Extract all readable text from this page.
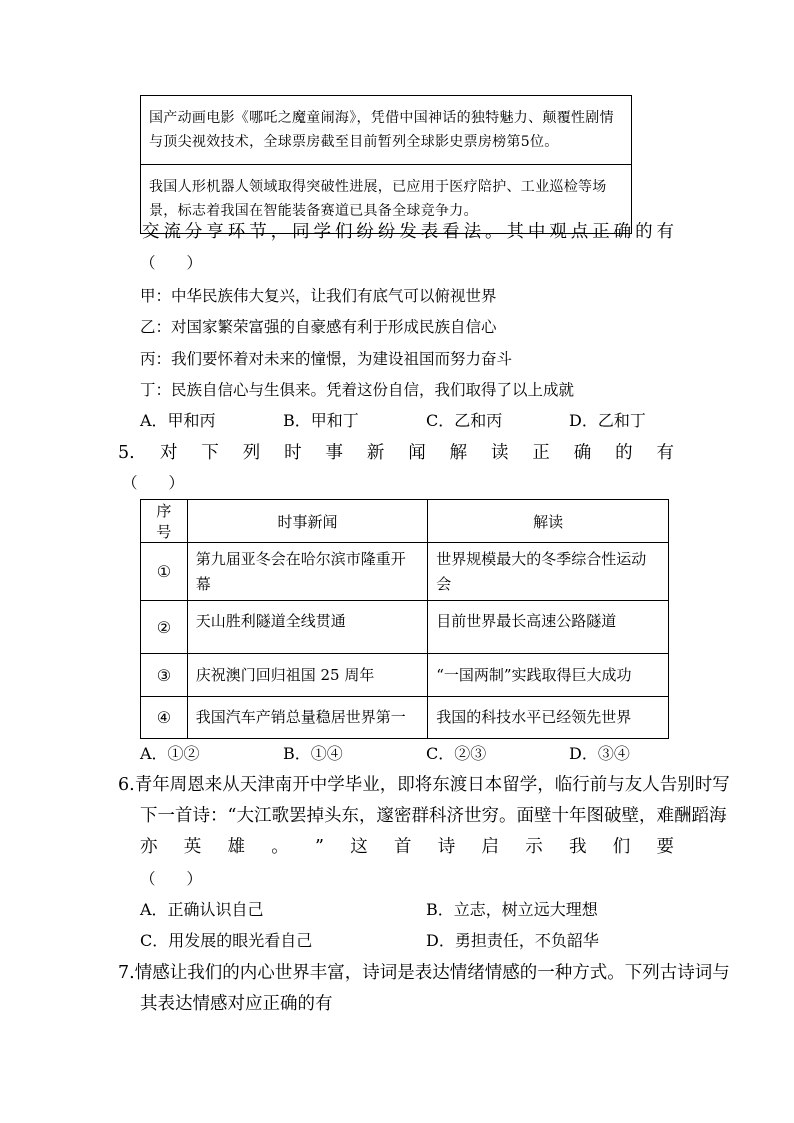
国产动画电影《哪吒之魔童闹海》，凭借中国神话的独特魅力、颠覆性剧情与顶尖视效技术，全球票房截至目前暂列全球影史票房榜第5位。
我国人形机器人领域取得突破性进展，已应用于医疗陪护、工业巡检等场景，标志着我国在智能装备赛道已具备全球竞争力。
交 流 分 享 环 节 ， 同 学 们 纷 纷 发 表 看 法 。 其 中 观 点 正 确 的 有
（　　）
甲：中华民族伟大复兴，让我们有底气可以俯视世界
乙：对国家繁荣富强的自豪感有利于形成民族自信心
丙：我们要怀着对未来的憧憬，为建设祖国而努力奋斗
丁：民族自信心与生俱来。凭着这份自信，我们取得了以上成就
A．甲和丙	B．甲和丁	C．乙和丙	D．乙和丁
5. 对 下 列 时 事 新 闻 解 读 正 确 的 有
（　　）
序号	时事新闻	解读
①	第九届亚冬会在哈尔滨市隆重开幕	世界规模最大的冬季综合性运动会
②	天山胜利隧道全线贯通	目前世界最长高速公路隧道
③	庆祝澳门回归祖国 25 周年	“一国两制”实践取得巨大成功
④	我国汽车产销总量稳居世界第一	我国的科技水平已经领先世界
A．①②	B．①④	C．②③	D．③④
6.青年周恩来从天津南开中学毕业，即将东渡日本留学，临行前与友人告别时写
下一首诗：“大江歌罢掉头东，邃密群科济世穷。面壁十年图破壁，难酬蹈海
亦 英 雄 。 ” 这 首 诗 启 示 我 们 要
（　　）
A．正确认识自己	B．立志，树立远大理想
C．用发展的眼光看自己	D．勇担责任，不负韶华
7.情感让我们的内心世界丰富，诗词是表达情绪情感的一种方式。下列古诗词与
其表达情感对应正确的有
